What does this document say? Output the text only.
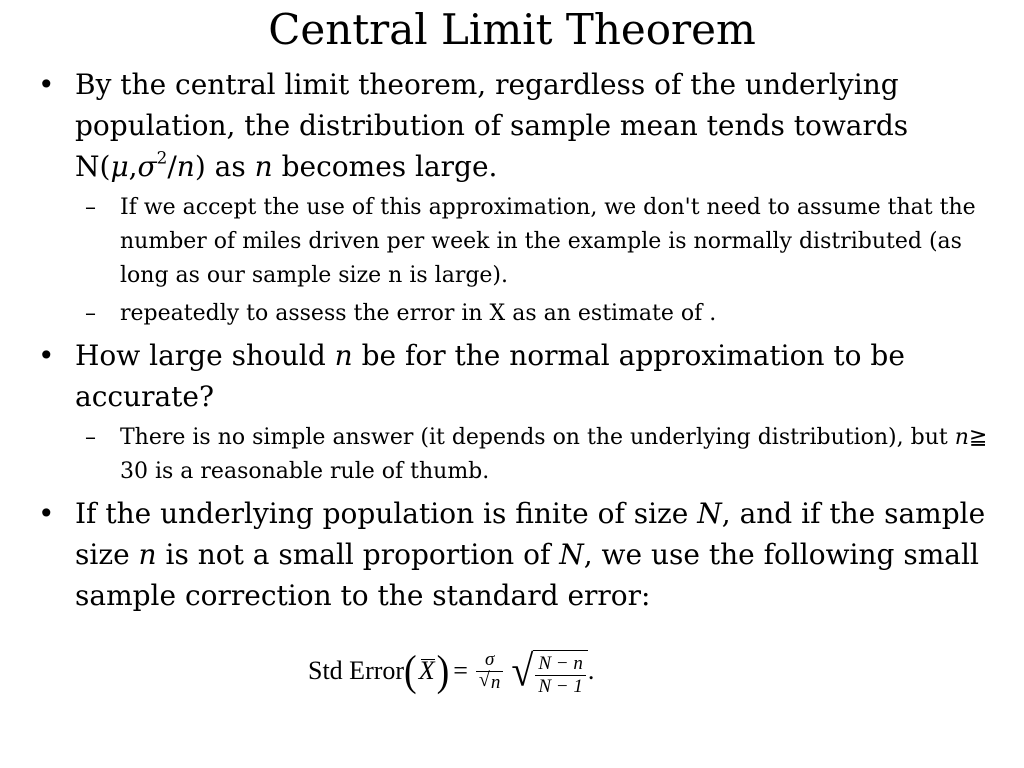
Central Limit Theorem
• By the central limit theorem, regardless of the underlying population, the distribution of sample mean tends towards $N(\mu,\sigma^2/n)$ as n becomes large.
– If we accept the use of this approximation, we don't need to assume that the number of miles driven per week in the example is normally distributed (as long as our sample size n is large).
– repeatedly to assess the error in X as an estimate of .
• How large should n be for the normal approximation to be accurate?
– There is no simple answer (it depends on the underlying distribution), but n≧ 30 is a reasonable rule of thumb.
• If the underlying population is finite of size N, and if the sample size n is not a small proportion of N, we use the following small sample correction to the standard error:
Std Error ( X ) = $\frac{\sigma}{√ n}$ √ $\frac{N - n}{N - 1}$ .
